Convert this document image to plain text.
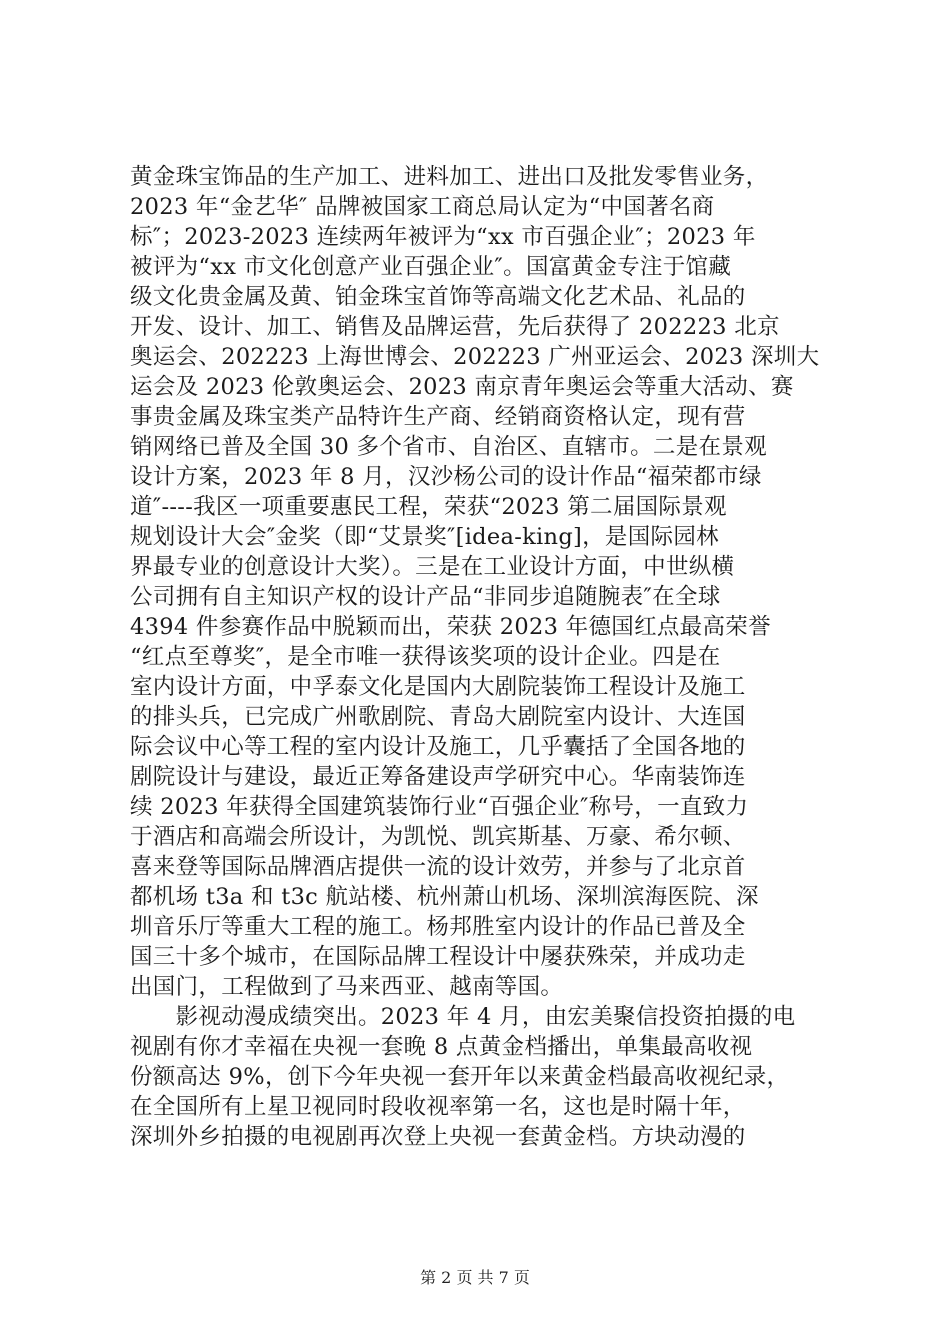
黄金珠宝饰品的生产加工、进料加工、进出口及批发零售业务，
2023 年“金艺华″ 品牌被国家工商总局认定为“中国著名商
标″；2023-2023 连续两年被评为“xx 市百强企业″；2023 年
被评为“xx 市文化创意产业百强企业″。国富黄金专注于馆藏
级文化贵金属及黄、铂金珠宝首饰等高端文化艺术品、礼品的
开发、设计、加工、销售及品牌运营，先后获得了 202223 北京
奥运会、202223 上海世博会、202223 广州亚运会、2023 深圳大
运会及 2023 伦敦奥运会、2023 南京青年奥运会等重大活动、赛
事贵金属及珠宝类产品特许生产商、经销商资格认定，现有营
销网络已普及全国 30 多个省市、自治区、直辖市。二是在景观
设计方案，2023 年 8 月，汉沙杨公司的设计作品“福荣都市绿
道″----我区一项重要惠民工程，荣获“2023 第二届国际景观
规划设计大会″金奖（即“艾景奖″[idea-king]，是国际园林
界最专业的创意设计大奖）。三是在工业设计方面，中世纵横
公司拥有自主知识产权的设计产品“非同步追随腕表″在全球
4394 件参赛作品中脱颖而出，荣获 2023 年德国红点最高荣誉
“红点至尊奖″，是全市唯一获得该奖项的设计企业。四是在
室内设计方面，中孚泰文化是国内大剧院装饰工程设计及施工
的排头兵，已完成广州歌剧院、青岛大剧院室内设计、大连国
际会议中心等工程的室内设计及施工，几乎囊括了全国各地的
剧院设计与建设，最近正筹备建设声学研究中心。华南装饰连
续 2023 年获得全国建筑装饰行业“百强企业″称号，一直致力
于酒店和高端会所设计，为凯悦、凯宾斯基、万豪、希尔顿、
喜来登等国际品牌酒店提供一流的设计效劳，并参与了北京首
都机场 t3a 和 t3c 航站楼、杭州萧山机场、深圳滨海医院、深
圳音乐厅等重大工程的施工。杨邦胜室内设计的作品已普及全
国三十多个城市，在国际品牌工程设计中屡获殊荣，并成功走
出国门，工程做到了马来西亚、越南等国。
　　影视动漫成绩突出。2023 年 4 月，由宏美聚信投资拍摄的电
视剧有你才幸福在央视一套晚 8 点黄金档播出，单集最高收视
份额高达 9%，创下今年央视一套开年以来黄金档最高收视纪录，
在全国所有上星卫视同时段收视率第一名，这也是时隔十年，
深圳外乡拍摄的电视剧再次登上央视一套黄金档。方块动漫的
第 2 页 共 7 页
